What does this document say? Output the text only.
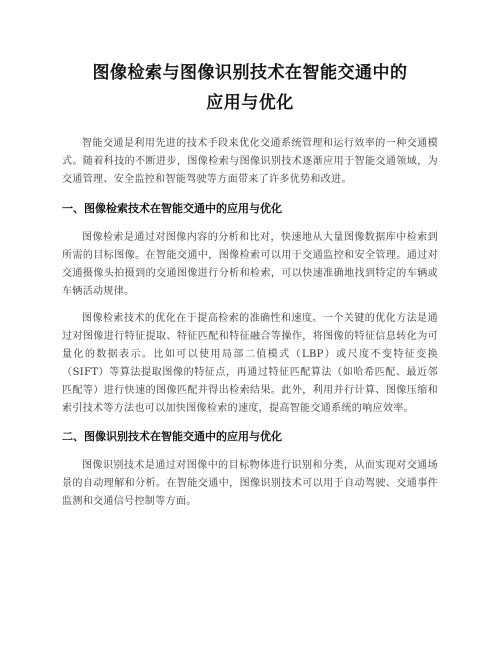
图像检索与图像识别技术在智能交通中的
应用与优化

智能交通是利用先进的技术手段来优化交通系统管理和运行效率的一种交通模式。随着科技的不断进步，图像检索与图像识别技术逐渐应用于智能交通领域，为交通管理、安全监控和智能驾驶等方面带来了许多优势和改进。

一、图像检索技术在智能交通中的应用与优化

图像检索是通过对图像内容的分析和比对，快速地从大量图像数据库中检索到所需的目标图像。在智能交通中，图像检索可以用于交通监控和安全管理。通过对交通摄像头拍摄到的交通图像进行分析和检索，可以快速准确地找到特定的车辆或车辆活动规律。

图像检索技术的优化在于提高检索的准确性和速度。一个关键的优化方法是通过对图像进行特征提取、特征匹配和特征融合等操作，将图像的特征信息转化为可量化的数据表示。比如可以使用局部二值模式（LBP）或尺度不变特征变换（SIFT）等算法提取图像的特征点，再通过特征匹配算法（如哈希匹配、最近邻匹配等）进行快速的图像匹配并得出检索结果。此外，利用并行计算、图像压缩和索引技术等方法也可以加快图像检索的速度，提高智能交通系统的响应效率。

二、图像识别技术在智能交通中的应用与优化

图像识别技术是通过对图像中的目标物体进行识别和分类，从而实现对交通场景的自动理解和分析。在智能交通中，图像识别技术可以用于自动驾驶、交通事件监测和交通信号控制等方面。
